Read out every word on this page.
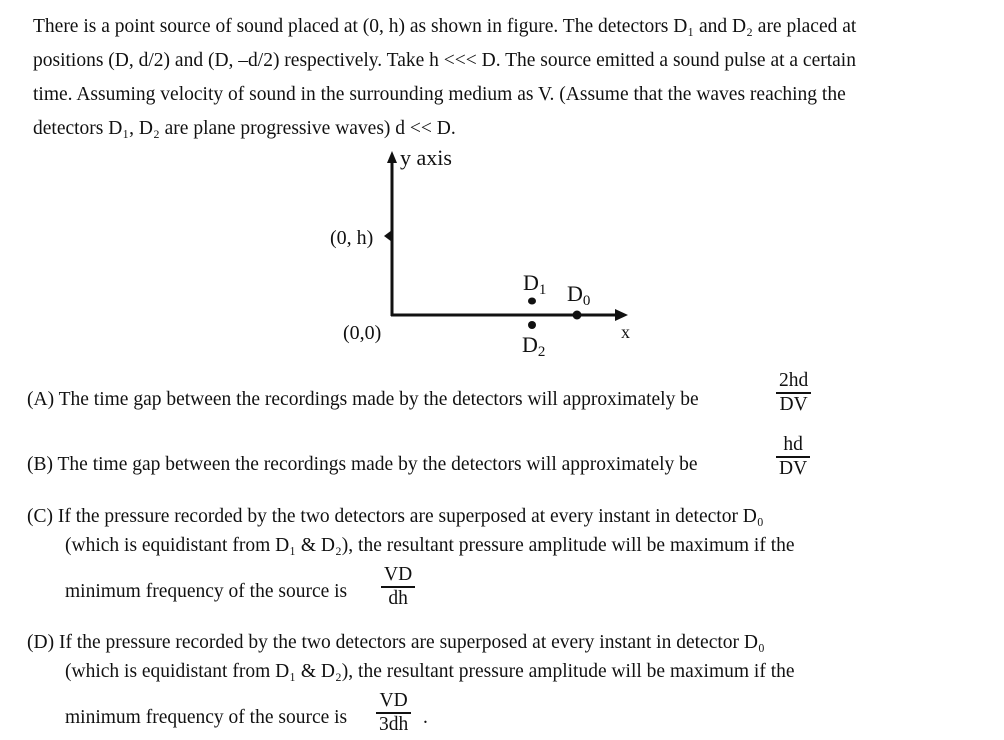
There is a point source of sound placed at (0, h) as shown in figure. The detectors D₁ and D₂ are placed at
positions (D, d/2) and (D, –d/2) respectively. Take h <<< D. The source emitted a sound pulse at a certain
time. Assuming velocity of sound in the surrounding medium as V. (Assume that the waves reaching the
detectors D₁, D₂ are plane progressive waves) d << D.
y axis
x
(0, h)
(0,0)
D1 D0
D2
(A) The time gap between the recordings made by the detectors will approximately be
2hd
DV
(B) The time gap between the recordings made by the detectors will approximately be
hd
DV
(C) If the pressure recorded by the two detectors are superposed at every instant in detector D₀
(which is equidistant from D₁ & D₂), the resultant pressure amplitude will be maximum if the
minimum frequency of the source is
VD
dh
(D) If the pressure recorded by the two detectors are superposed at every instant in detector D₀
(which is equidistant from D₁ & D₂), the resultant pressure amplitude will be maximum if the
minimum frequency of the source is
VD
3dh .
